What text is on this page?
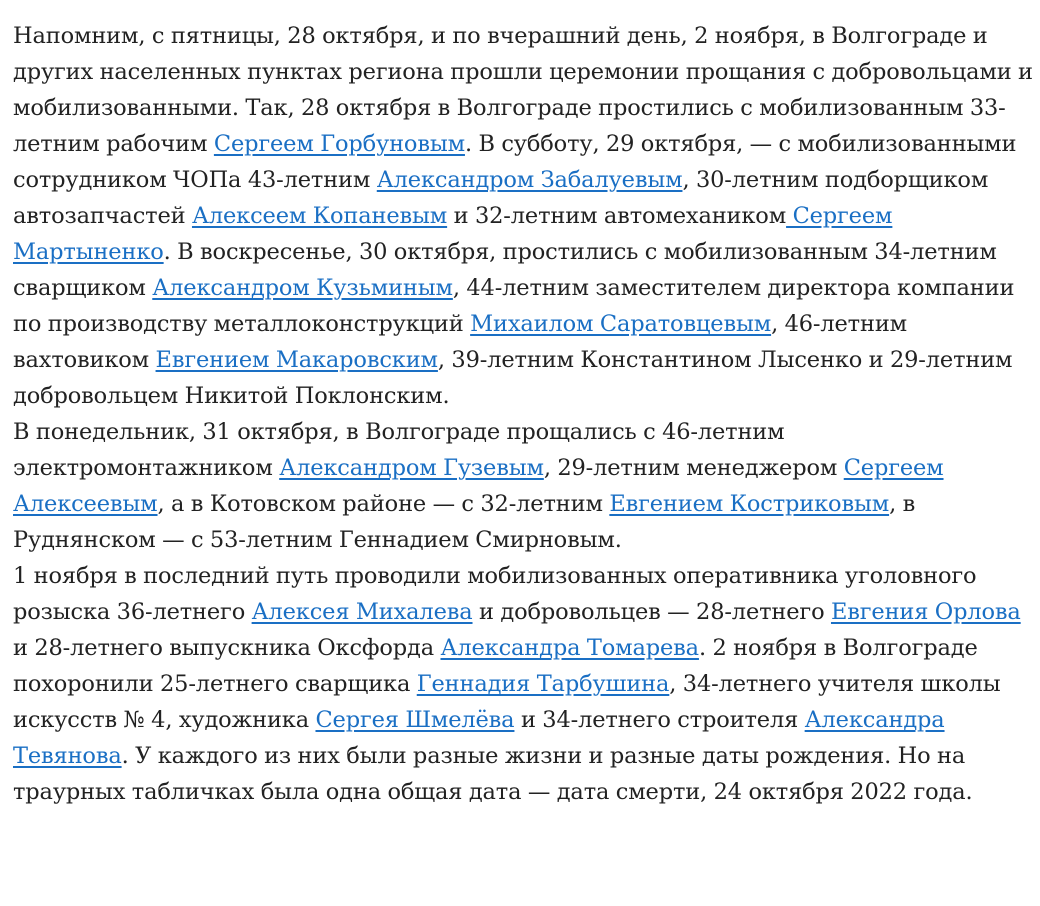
Напомним, с пятницы, 28 октября, и по вчерашний день, 2 ноября, в Волгограде и других населенных пунктах региона прошли церемонии прощания с добровольцами и мобилизованными. Так, 28 октября в Волгограде простились с мобилизованным 33-летним рабочим Сергеем Горбуновым. В субботу, 29 октября, — с мобилизованными сотрудником ЧОПа 43-летним Александром Забалуевым, 30-летним подборщиком автозапчастей Алексеем Копаневым и 32-летним автомехаником Сергеем Мартыненко. В воскресенье, 30 октября, простились с мобилизованным 34-летним сварщиком Александром Кузьминым, 44-летним заместителем директора компании по производству металлоконструкций Михаилом Саратовцевым, 46-летним вахтовиком Евгением Макаровским, 39-летним Константином Лысенко и 29-летним добровольцем Никитой Поклонским.

В понедельник, 31 октября, в Волгограде прощались с 46-летним электромонтажником Александром Гузевым, 29-летним менеджером Сергеем Алексеевым, а в Котовском районе — с 32-летним Евгением Костриковым, в Руднянском — с 53-летним Геннадием Смирновым.

1 ноября в последний путь проводили мобилизованных оперативника уголовного розыска 36-летнего Алексея Михалева и добровольцев — 28-летнего Евгения Орлова и 28-летнего выпускника Оксфорда Александра Томарева. 2 ноября в Волгограде похоронили 25-летнего сварщика Геннадия Тарбушина, 34-летнего учителя школы искусств № 4, художника Сергея Шмелёва и 34-летнего строителя Александра Тевянова. У каждого из них были разные жизни и разные даты рождения. Но на траурных табличках была одна общая дата — дата смерти, 24 октября 2022 года.
